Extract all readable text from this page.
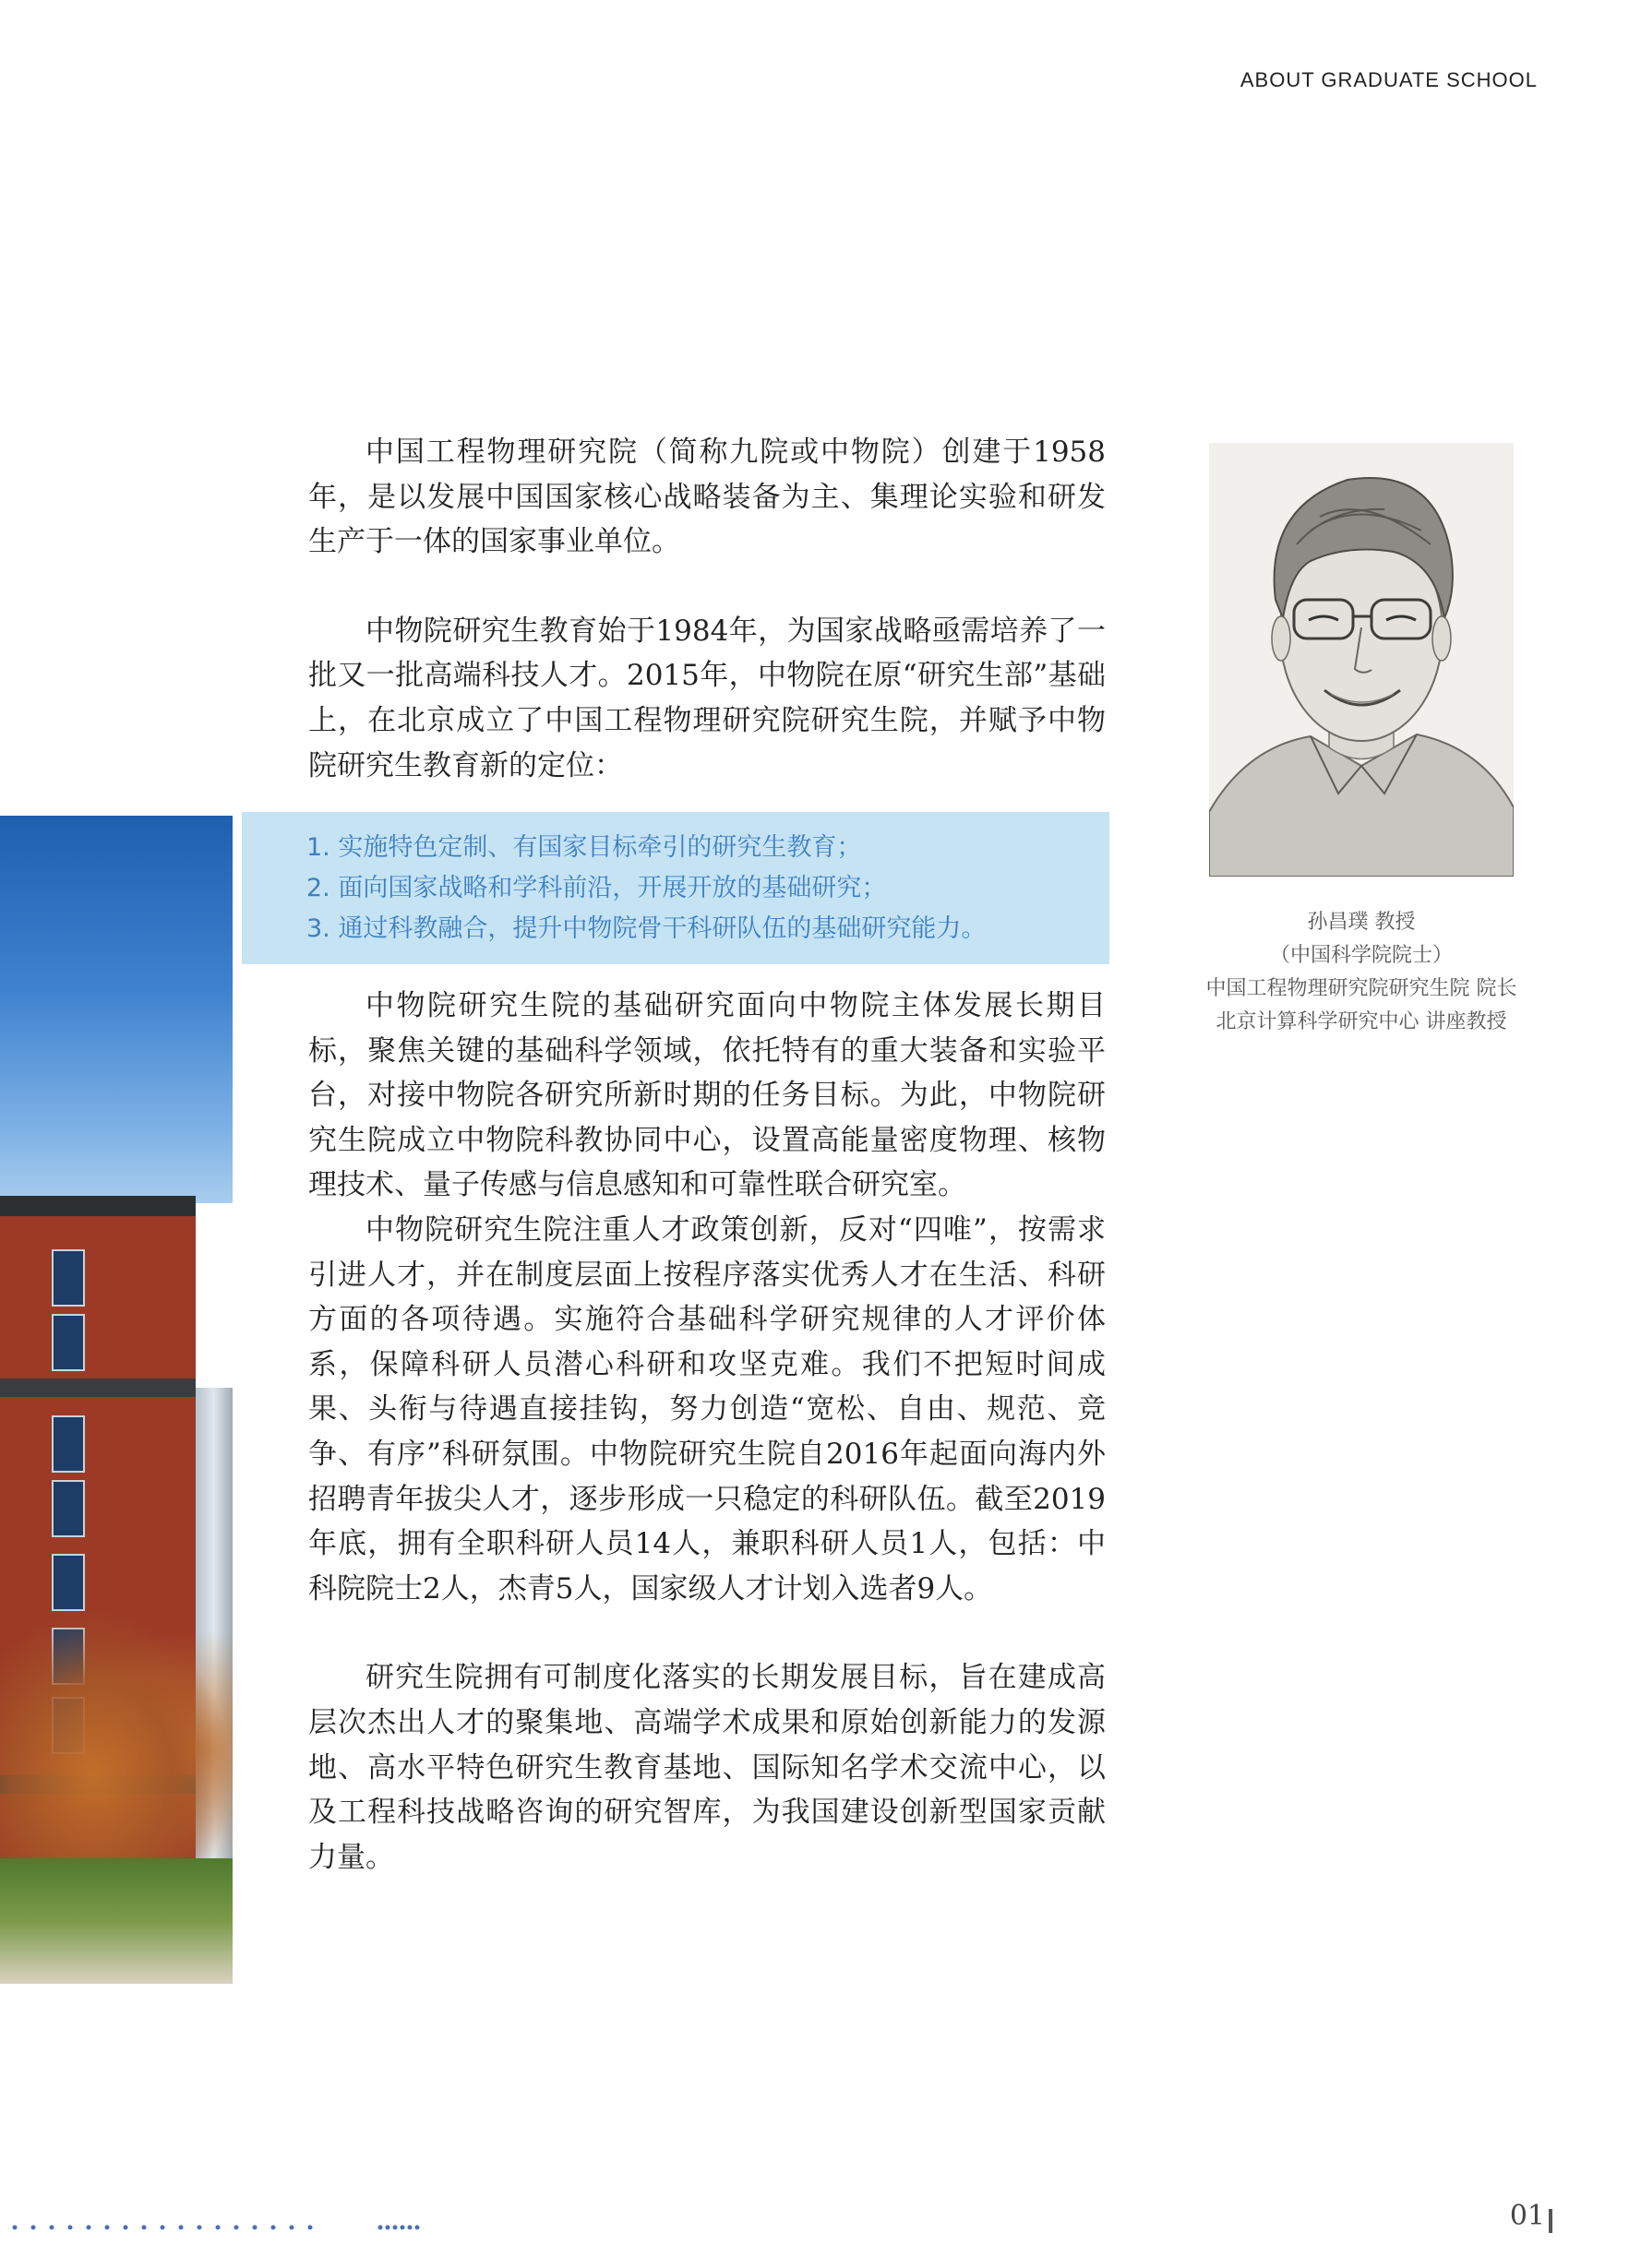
ABOUT GRADUATE SCHOOL

中国工程物理研究院（简称九院或中物院）创建于1958年，是以发展中国国家核心战略装备为主、集理论实验和研发生产于一体的国家事业单位。

中物院研究生教育始于1984年，为国家战略亟需培养了一批又一批高端科技人才。2015年，中物院在原“研究生部”基础上，在北京成立了中国工程物理研究院研究生院，并赋予中物院研究生教育新的定位：

1. 实施特色定制、有国家目标牵引的研究生教育；
2. 面向国家战略和学科前沿，开展开放的基础研究；
3. 通过科教融合，提升中物院骨干科研队伍的基础研究能力。

中物院研究生院的基础研究面向中物院主体发展长期目标，聚焦关键的基础科学领域，依托特有的重大装备和实验平台，对接中物院各研究所新时期的任务目标。为此，中物院研究生院成立中物院科教协同中心，设置高能量密度物理、核物理技术、量子传感与信息感知和可靠性联合研究室。

中物院研究生院注重人才政策创新，反对“四唯”，按需求引进人才，并在制度层面上按程序落实优秀人才在生活、科研方面的各项待遇。实施符合基础科学研究规律的人才评价体系，保障科研人员潜心科研和攻坚克难。我们不把短时间成果、头衔与待遇直接挂钩，努力创造“宽松、自由、规范、竞争、有序”科研氛围。中物院研究生院自2016年起面向海内外招聘青年拔尖人才，逐步形成一只稳定的科研队伍。截至2019年底，拥有全职科研人员14人，兼职科研人员1人，包括：中科院院士2人，杰青5人，国家级人才计划入选者9人。

研究生院拥有可制度化落实的长期发展目标，旨在建成高层次杰出人才的聚集地、高端学术成果和原始创新能力的发源地、高水平特色研究生教育基地、国际知名学术交流中心，以及工程科技战略咨询的研究智库，为我国建设创新型国家贡献力量。

孙昌璞 教授
（中国科学院院士）
中国工程物理研究院研究生院 院长
北京计算科学研究中心 讲座教授
01
